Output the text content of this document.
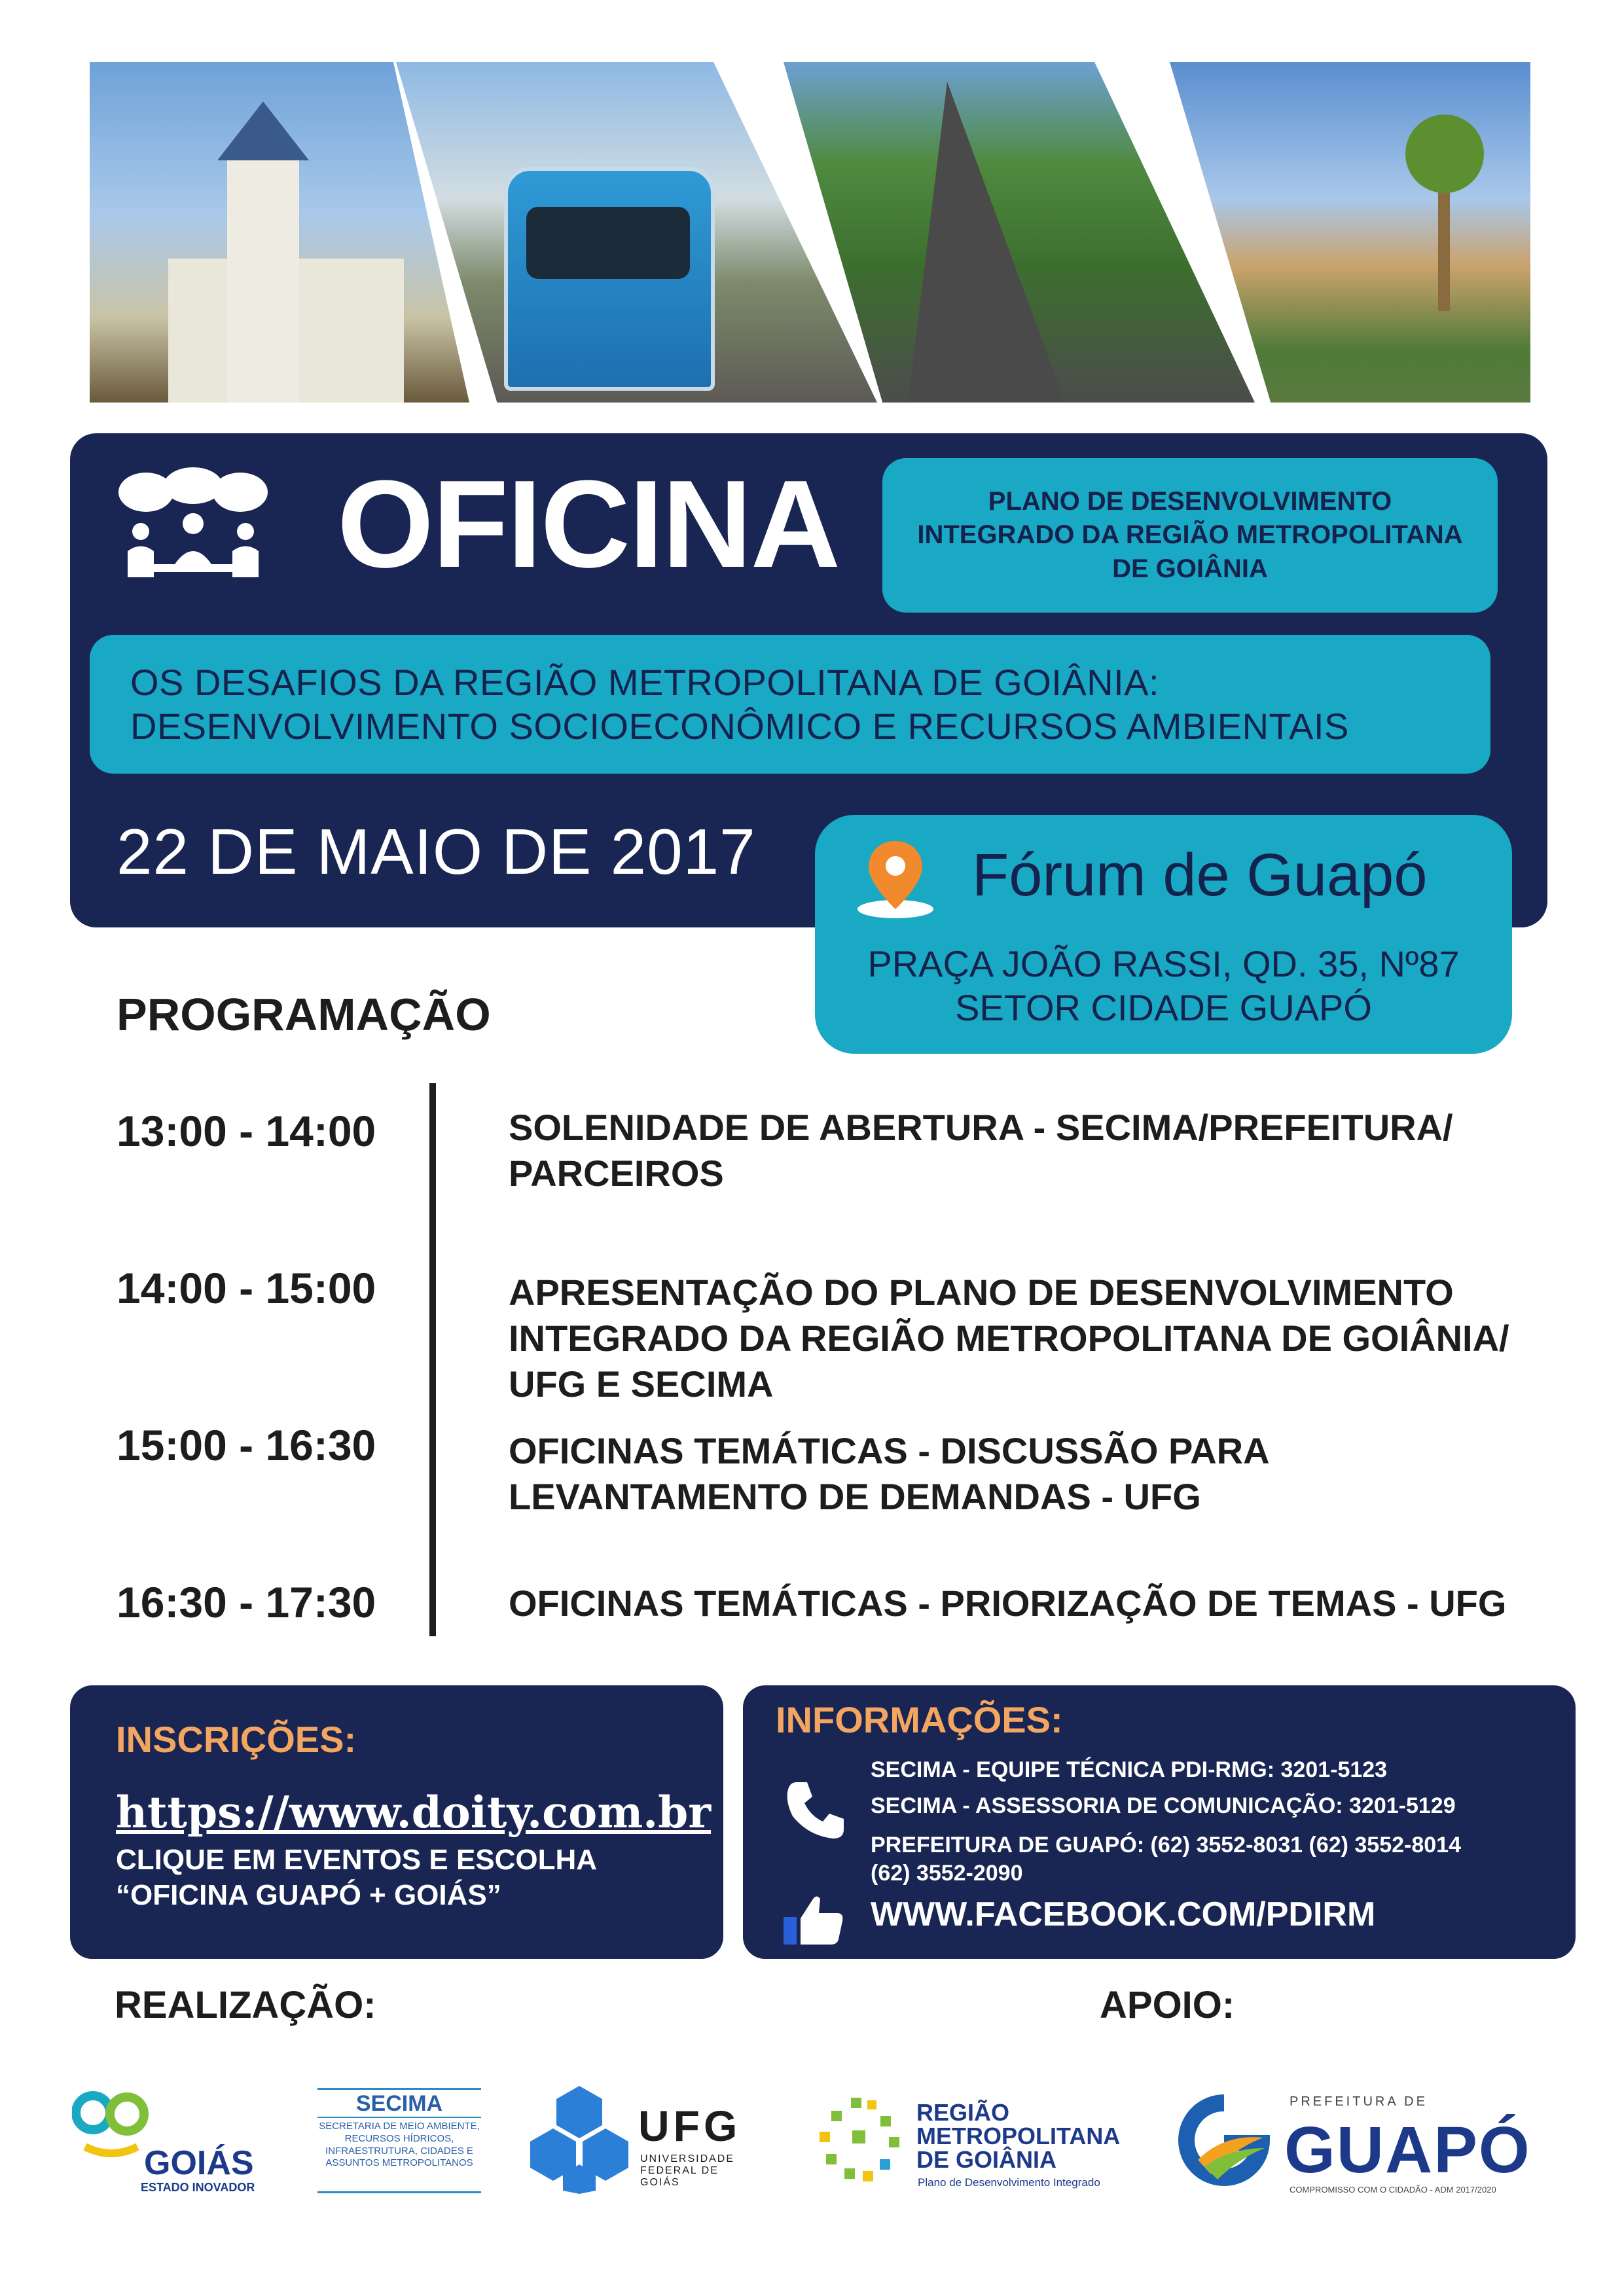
OFICINA	PLANO DE DESENVOLVIMENTO
INTEGRADO DA REGIÃO METROPOLITANA
DE GOIÂNIA
OS DESAFIOS DA REGIÃO METROPOLITANA DE GOIÂNIA:
DESENVOLVIMENTO SOCIOECONÔMICO E RECURSOS AMBIENTAIS
22 DE MAIO DE 2017	Fórum de Guapó
PRAÇA JOÃO RASSI, QD. 35, Nº87
SETOR CIDADE GUAPÓ
PROGRAMAÇÃO
13:00 - 14:00	SOLENIDADE DE ABERTURA - SECIMA/PREFEITURA/
PARCEIROS
14:00 - 15:00	APRESENTAÇÃO DO PLANO DE DESENVOLVIMENTO
INTEGRADO DA REGIÃO METROPOLITANA DE GOIÂNIA/
UFG E SECIMA
15:00 - 16:30	OFICINAS TEMÁTICAS - DISCUSSÃO PARA
LEVANTAMENTO DE DEMANDAS - UFG
16:30 - 17:30	OFICINAS TEMÁTICAS - PRIORIZAÇÃO DE TEMAS - UFG
INSCRIÇÕES:
https://www.doity.com.br
CLIQUE EM EVENTOS E ESCOLHA
“OFICINA GUAPÓ + GOIÁS”
INFORMAÇÕES:
SECIMA - EQUIPE TÉCNICA PDI-RMG: 3201-5123
SECIMA - ASSESSORIA DE COMUNICAÇÃO: 3201-5129
PREFEITURA DE GUAPÓ: (62) 3552-8031 (62) 3552-8014
(62) 3552-2090
WWW.FACEBOOK.COM/PDIRM
REALIZAÇÃO:	APOIO:
GOIÁS
ESTADO INOVADOR
SECIMA
SECRETARIA DE MEIO AMBIENTE,
RECURSOS HÍDRICOS,
INFRAESTRUTURA, CIDADES E
ASSUNTOS METROPOLITANOS
UFG
UNIVERSIDADE
FEDERAL DE GOIÁS
REGIÃO
METROPOLITANA
DE GOIÂNIA
Plano de Desenvolvimento Integrado
PREFEITURA DE
GUAPÓ
COMPROMISSO COM O CIDADÃO - ADM 2017/2020
